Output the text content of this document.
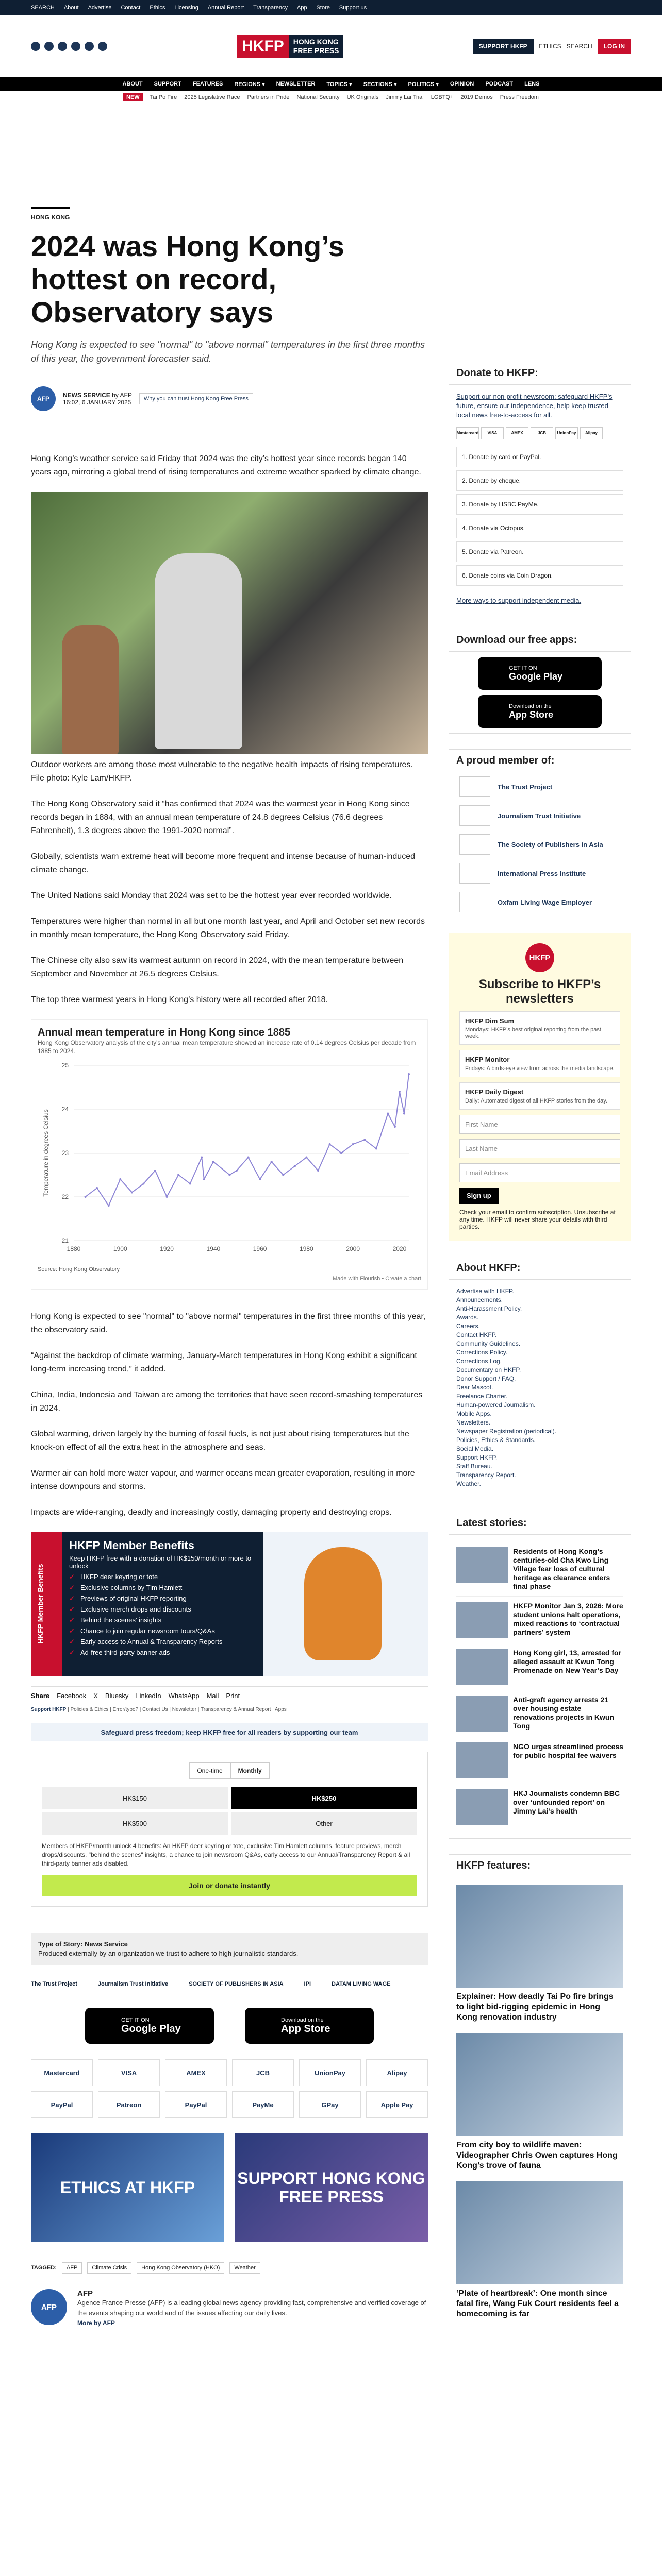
SEARCH About Advertise Contact Ethics Licensing Annual Report Transparency App Store Support us
HKFP	HONG KONG
FREE PRESS	SUPPORT HKFP	ETHICS SEARCH	LOG IN
ABOUT SUPPORT FEATURES REGIONS ▾ NEWSLETTER TOPICS ▾ SECTIONS ▾ POLITICS ▾ OPINION PODCAST LENS
NEW	Tai Po Fire 2025 Legislative Race Partners in Pride National Security UK Originals Jimmy Lai Trial LGBTQ+ 2019 Demos Press Freedom
HONG KONG
2024 was Hong Kong’s hottest on record, Observatory says

Hong Kong is expected to see "normal" to "above normal" temperatures in the first three months of this year, the government forecaster said.

AFP	NEWS SERVICE by AFP
16:02, 6 JANUARY 2025	Why you can trust Hong Kong Free Press

Hong Kong’s weather service said Friday that 2024 was the city’s hottest year since records began 140 years ago, mirroring a global trend of rising temperatures and extreme weather sparked by climate change.

Outdoor workers are among those most vulnerable to the negative health impacts of rising temperatures. File photo: Kyle Lam/HKFP.

The Hong Kong Observatory said it “has confirmed that 2024 was the warmest year in Hong Kong since records began in 1884, with an annual mean temperature of 24.8 degrees Celsius (76.6 degrees Fahrenheit), 1.3 degrees above the 1991-2020 normal”.

Globally, scientists warn extreme heat will become more frequent and intense because of human-induced climate change.

The United Nations said Monday that 2024 was set to be the hottest year ever recorded worldwide.

Temperatures were higher than normal in all but one month last year, and April and October set new records in monthly mean temperature, the Hong Kong Observatory said Friday.

The Chinese city also saw its warmest autumn on record in 2024, with the mean temperature between September and November at 26.5 degrees Celsius.

The top three warmest years in Hong Kong’s history were all recorded after 2018.

Annual mean temperature in Hong Kong since 1885
Hong Kong Observatory analysis of the city's annual mean temperature showed an increase rate of 0.14 degrees Celsius per decade from 1885 to 2024.
21
22
23
24
25
1880	1900	1920	1940	1960	1980	2000	2020
Temperature in degrees Celsius
Source: Hong Kong Observatory
Made with Flourish • Create a chart

Hong Kong is expected to see "normal" to "above normal" temperatures in the first three months of this year, the observatory said.

“Against the backdrop of climate warming, January-March temperatures in Hong Kong exhibit a significant long-term increasing trend,” it added.

China, India, Indonesia and Taiwan are among the territories that have seen record-smashing temperatures in 2024.

Global warming, driven largely by the burning of fossil fuels, is not just about rising temperatures but the knock-on effect of all the extra heat in the atmosphere and seas.

Warmer air can hold more water vapour, and warmer oceans mean greater evaporation, resulting in more intense downpours and storms.

Impacts are wide-ranging, deadly and increasingly costly, damaging property and destroying crops.

HKFP Member Benefits
HKFP Member Benefits
Keep HKFP free with a donation of HK$150/month or more to unlock
✓ HKFP deer keyring or tote
✓ Exclusive columns by Tim Hamlett
✓ Previews of original HKFP reporting
✓ Exclusive merch drops and discounts
✓ Behind the scenes' insights
✓ Chance to join regular newsroom tours/Q&As
✓ Early access to Annual & Transparency Reports
✓ Ad-free third-party banner ads
Share Facebook X Bluesky LinkedIn WhatsApp Mail Print
Support HKFP | Policies & Ethics | Error/typo? | Contact Us | Newsletter | Transparency & Annual Report | Apps
Safeguard press freedom; keep HKFP free for all readers by supporting our team
One-time	Monthly
HK$150	HK$250
HK$500	Other

Members of HKFP/month unlock 4 benefits: An HKFP deer keyring or tote, exclusive Tim Hamlett columns, feature previews, merch drops/discounts, "behind the scenes" insights, a chance to join newsroom Q&As, early access to our Annual/Transparency Report & all third-party banner ads disabled.

Join or donate instantly
Type of Story: News Service
Produced externally by an organization we trust to adhere to high journalistic standards.
The Trust Project	Journalism Trust Initiative	SOCIETY OF PUBLISHERS IN ASIA	IPI	DATAM LIVING WAGE
GET IT ON
Google Play
Download on the
App Store
Mastercard	VISA	AMEX	JCB	UnionPay	Alipay
PayPal	Patreon	PayPal	PayMe	GPay	Apple Pay
ETHICS AT HKFP	SUPPORT HONG KONG FREE PRESS
TAGGED:	AFP	Climate Crisis	Hong Kong Observatory (HKO)	Weather
AFP
AFP

Agence France-Presse (AFP) is a leading global news agency providing fast, comprehensive and verified coverage of the events shaping our world and of the issues affecting our daily lives.

More by AFP
Donate to HKFP:
Support our non-profit newsroom: safeguard HKFP’s future, ensure our independence, help keep trusted local news free-to-access for all.
Mastercard	VISA	AMEX	JCB	UnionPay	Alipay
1. Donate by card or PayPal.
2. Donate by cheque.
3. Donate by HSBC PayMe.
4. Donate via Octopus.
5. Donate via Patreon.
6. Donate coins via Coin Dragon.

More ways to support independent media.

Download our free apps:
GET IT ON
Google Play
Download on the
App Store
A proud member of:
The Trust Project
Journalism Trust Initiative
The Society of Publishers in Asia
International Press Institute
Oxfam Living Wage Employer
HKFP
Subscribe to HKFP’s newsletters
HKFP Dim Sum
Mondays: HKFP’s best original reporting from the past week.
HKFP Monitor
Fridays: A birds-eye view from across the media landscape.
HKFP Daily Digest
Daily: Automated digest of all HKFP stories from the day.
First Name
Last Name
Email Address
Sign up

Check your email to confirm subscription. Unsubscribe at any time. HKFP will never share your details with third parties.

About HKFP:
Advertise with HKFP.
Announcements.
Anti-Harassment Policy.
Awards.
Careers.
Contact HKFP.
Community Guidelines.
Corrections Policy.
Corrections Log.
Documentary on HKFP.
Donor Support / FAQ.
Dear Mascot.
Freelance Charter.
Human-powered Journalism.
Mobile Apps.
Newsletters.
Newspaper Registration (periodical).
Policies, Ethics & Standards.
Social Media.
Support HKFP.
Staff Bureau.
Transparency Report.
Weather.
Latest stories:
Residents of Hong Kong’s centuries-old Cha Kwo Ling Village fear loss of cultural heritage as clearance enters final phase
HKFP Monitor Jan 3, 2026: More student unions halt operations, mixed reactions to ‘contractual partners’ system
Hong Kong girl, 13, arrested for alleged assault at Kwun Tong Promenade on New Year’s Day
Anti-graft agency arrests 21 over housing estate renovations projects in Kwun Tong
NGO urges streamlined process for public hospital fee waivers
HKJ Journalists condemn BBC over ‘unfounded report’ on Jimmy Lai’s health
HKFP features:
Explainer: How deadly Tai Po fire brings to light bid-rigging epidemic in Hong Kong renovation industry
From city boy to wildlife maven: Videographer Chris Owen captures Hong Kong’s trove of fauna
‘Plate of heartbreak’: One month since fatal fire, Wang Fuk Court residents feel a homecoming is far
